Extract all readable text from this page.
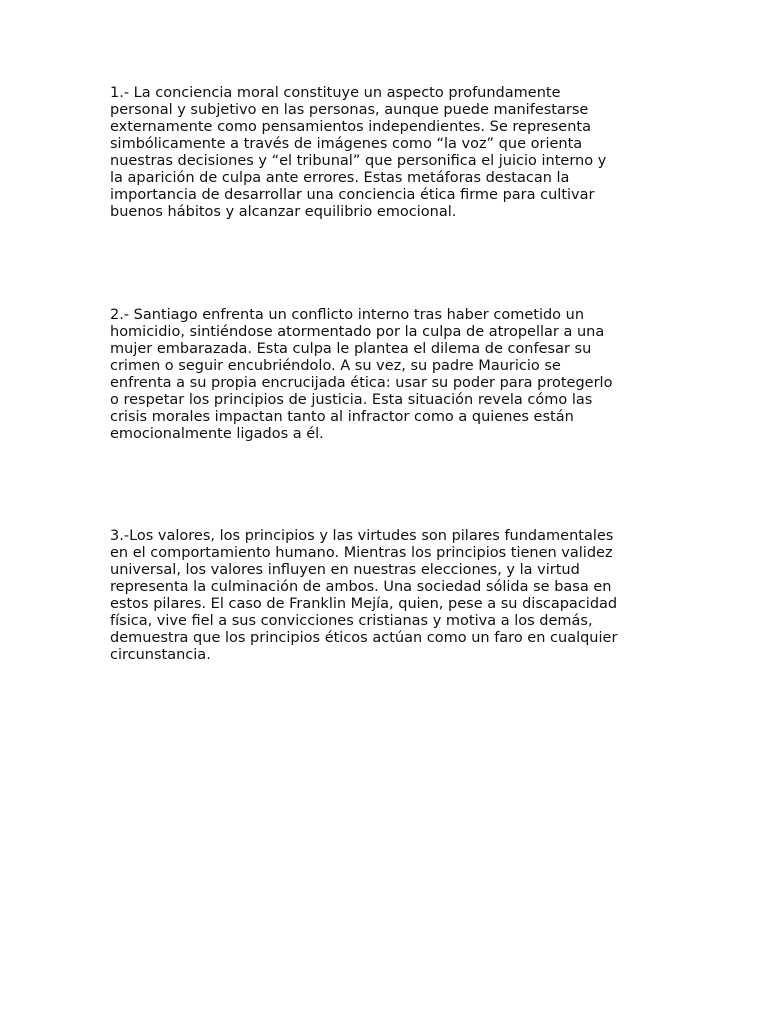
1.- La conciencia moral constituye un aspecto profundamente
personal y subjetivo en las personas, aunque puede manifestarse
externamente como pensamientos independientes. Se representa
simbólicamente a través de imágenes como “la voz” que orienta
nuestras decisiones y “el tribunal” que personifica el juicio interno y
la aparición de culpa ante errores. Estas metáforas destacan la
importancia de desarrollar una conciencia ética firme para cultivar
buenos hábitos y alcanzar equilibrio emocional.

2.- Santiago enfrenta un conflicto interno tras haber cometido un
homicidio, sintiéndose atormentado por la culpa de atropellar a una
mujer embarazada. Esta culpa le plantea el dilema de confesar su
crimen o seguir encubriéndolo. A su vez, su padre Mauricio se
enfrenta a su propia encrucijada ética: usar su poder para protegerlo
o respetar los principios de justicia. Esta situación revela cómo las
crisis morales impactan tanto al infractor como a quienes están
emocionalmente ligados a él.

3.-Los valores, los principios y las virtudes son pilares fundamentales
en el comportamiento humano. Mientras los principios tienen validez
universal, los valores influyen en nuestras elecciones, y la virtud
representa la culminación de ambos. Una sociedad sólida se basa en
estos pilares. El caso de Franklin Mejía, quien, pese a su discapacidad
física, vive fiel a sus convicciones cristianas y motiva a los demás,
demuestra que los principios éticos actúan como un faro en cualquier
circunstancia.
